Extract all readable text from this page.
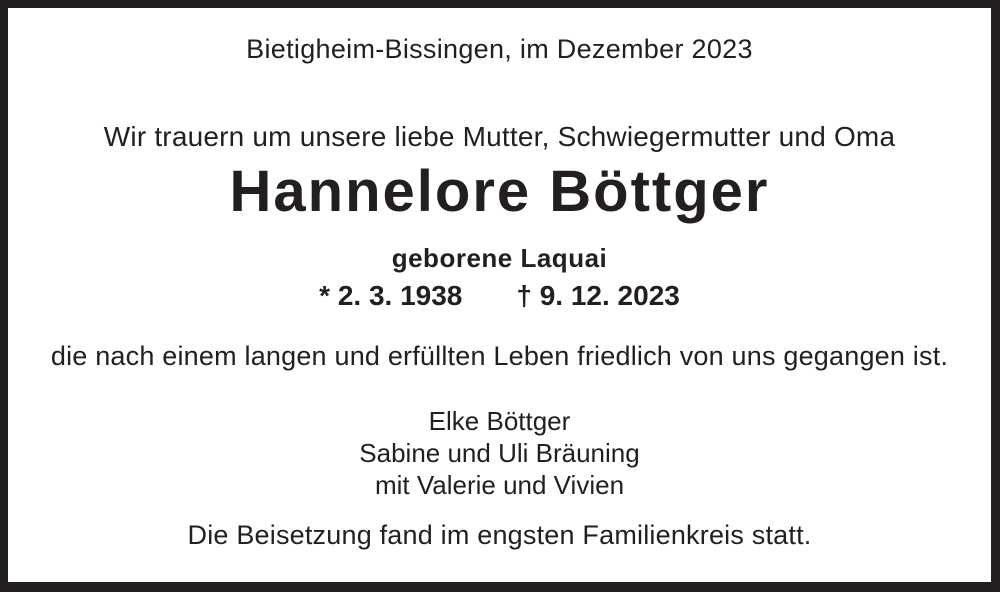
Bietigheim-Bissingen, im Dezember 2023
Wir trauern um unsere liebe Mutter, Schwiegermutter und Oma
Hannelore Böttger
geborene Laquai
* 2. 3. 1938 † 9. 12. 2023
die nach einem langen und erfüllten Leben friedlich von uns gegangen ist.
Elke Böttger
Sabine und Uli Bräuning
mit Valerie und Vivien
Die Beisetzung fand im engsten Familienkreis statt.
